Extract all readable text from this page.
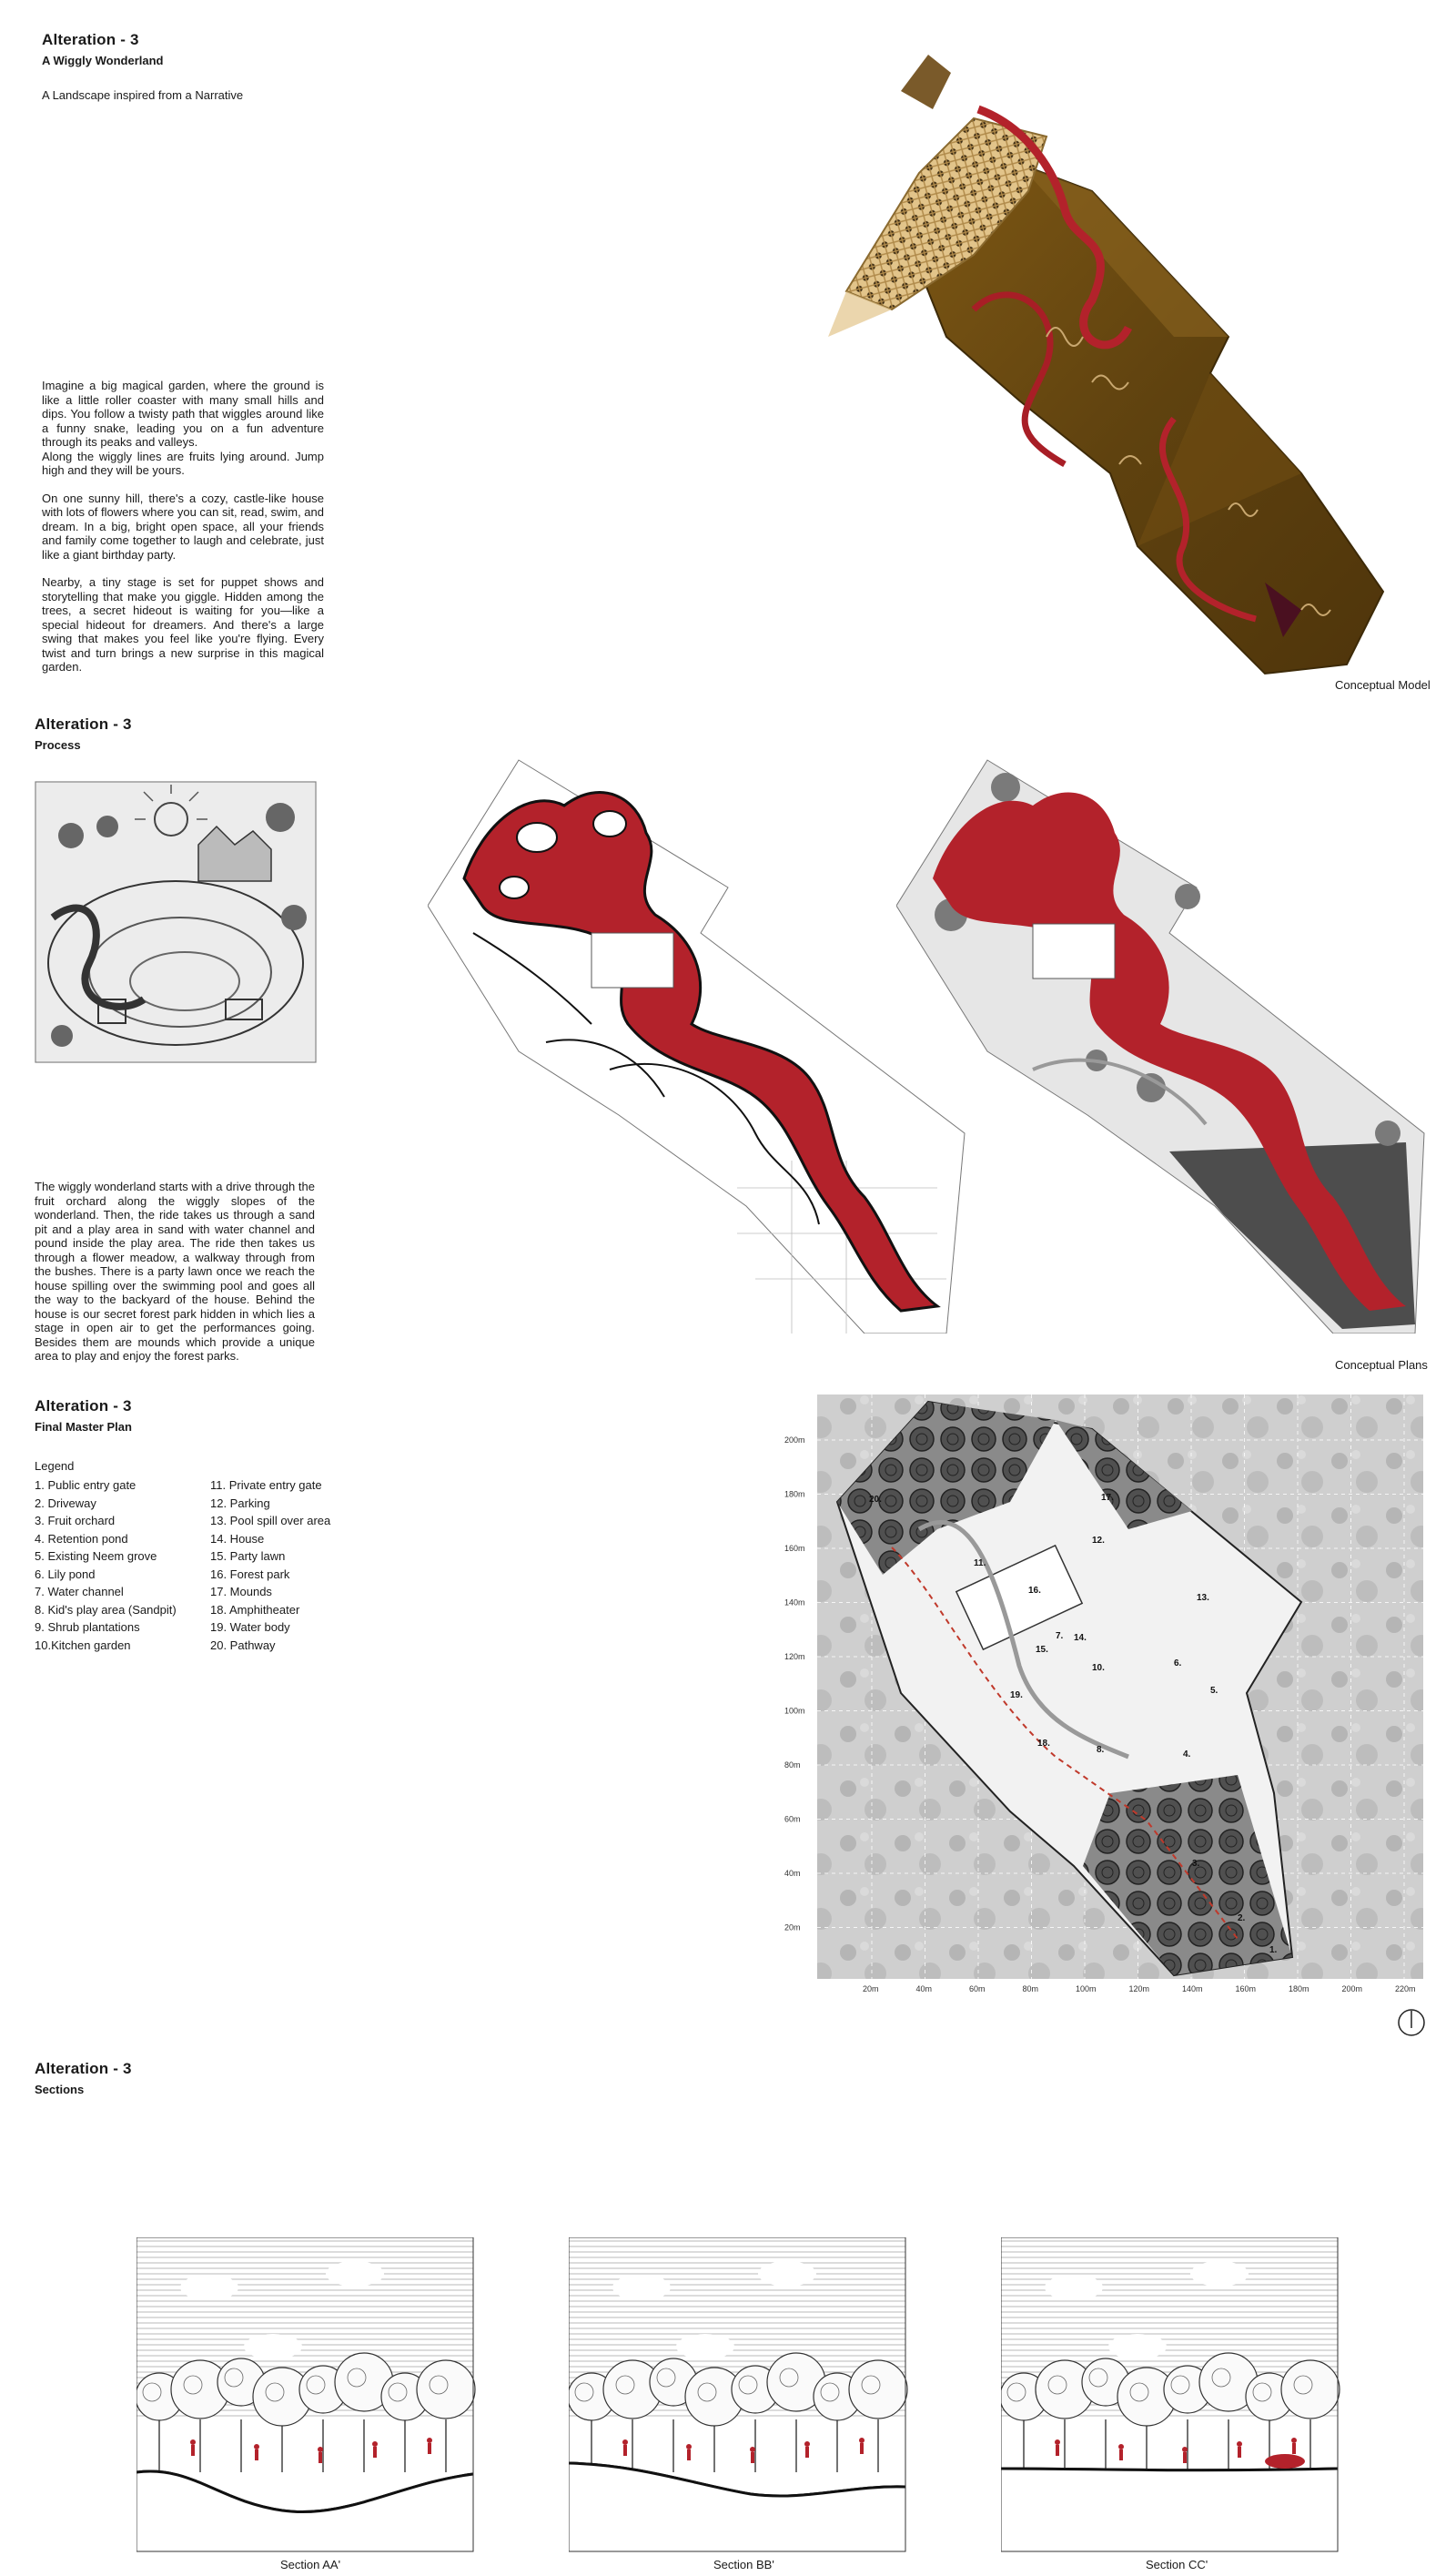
Alteration - 3
A Wiggly Wonderland
A Landscape inspired from a Narrative

Imagine a big magical garden, where the ground is like a little roller coaster with many small hills and dips. You follow a twisty path that wiggles around like a funny snake, leading you on a fun adventure through its peaks and valleys.

Along the wiggly lines are fruits lying around. Jump high and they will be yours.

On one sunny hill, there's a cozy, castle-like house with lots of flowers where you can sit, read, swim, and dream. In a big, bright open space, all your friends and family come together to laugh and celebrate, just like a giant birthday party.

Nearby, a tiny stage is set for puppet shows and storytelling that make you giggle. Hidden among the trees, a secret hideout is waiting for you—like a special hideout for dreamers. And there's a large swing that makes you feel like you're flying. Every twist and turn brings a new surprise in this magical garden.

Conceptual Model
Alteration - 3
Process
The wiggly wonderland starts with a drive through the fruit orchard along the wiggly slopes of the wonderland. Then, the ride takes us through a sand pit and a play area in sand with water channel and pound inside the play area. The ride then takes us through a flower meadow, a walkway through from the bushes. There is a party lawn once we reach the house spilling over the swimming pool and goes all the way to the backyard of the house. Behind the house is our secret forest park hidden in which lies a stage in open air to get the performances going. Besides them are mounds which provide a unique area to play and enjoy the forest parks.
Conceptual Plans
Alteration - 3
Final Master Plan
Legend
1. Public entry gate
2. Driveway
3. Fruit orchard
4. Retention pond
5. Existing Neem grove
6. Lily pond
7. Water channel
8. Kid's play area (Sandpit)
9. Shrub plantations
10.Kitchen garden
11. Private entry gate
12. Parking
13. Pool spill over area
14. House
15. Party lawn
16. Forest park
17. Mounds
18. Amphitheater
19. Water body
20. Pathway
200m
180m
160m
140m
120m
100m
80m
60m
40m
20m
20m	40m	60m	80m	100m	120m	140m	160m	180m	200m	220m
1.
2.
3.
4.
5.
6.
7.
8.
10.
11.
12.
13.
14.
15.
16.
17.
18.
19.
20.
Alteration - 3
Sections
Section AA'	Section BB'	Section CC'
